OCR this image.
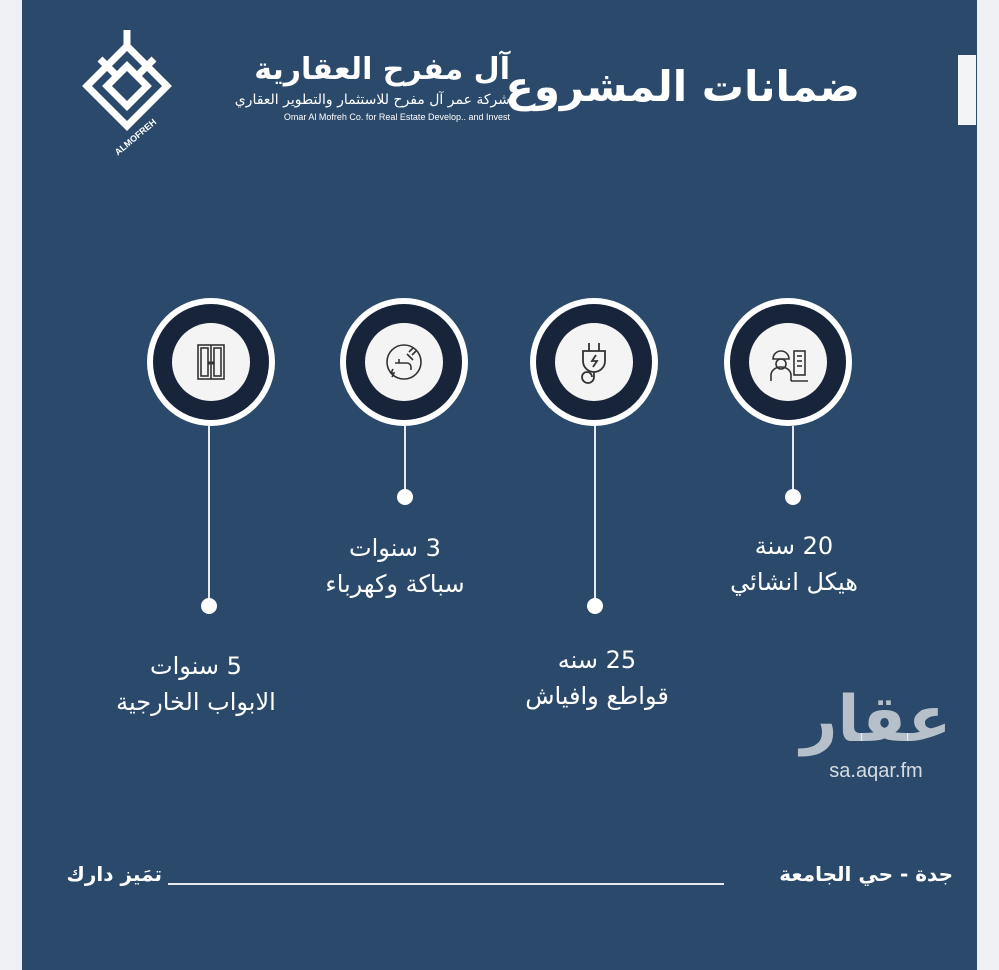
ALMOFREH
آل مفرح العقارية
شركة عمر آل مفرح للاستثمار والتطوير العقاري
Omar Al Mofreh Co. for Real Estate Develop.. and Invest
ضمانات المشروع
20 سنة
هيكل انشائي
25 سنه
قواطع وافياش
3 سنوات
سباكة وكهرباء
5 سنوات
الابواب الخارجية	عقار
sa.aqar.fm
تمَيز دارك	جدة - حي الجامعة
